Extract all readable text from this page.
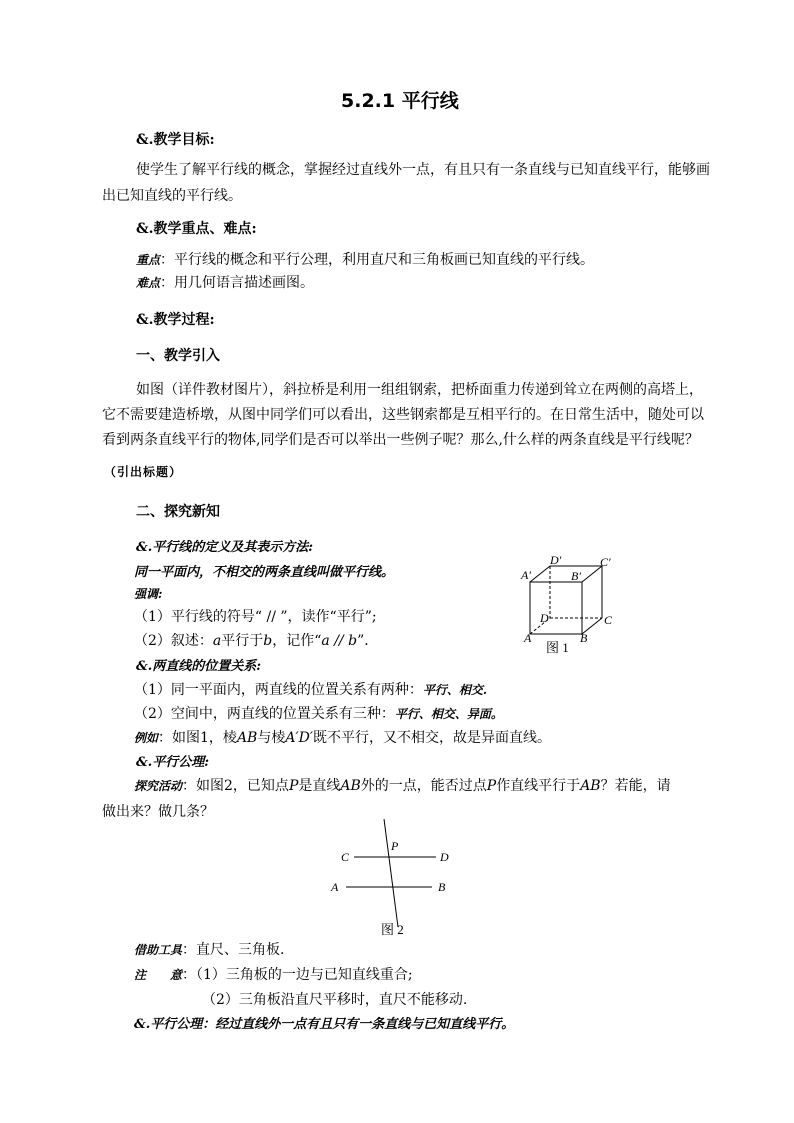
5.2.1 平行线
&.教学目标:
使学生了解平行线的概念，掌握经过直线外一点，有且只有一条直线与已知直线平行，能够画
出已知直线的平行线。
&.教学重点、难点:
重点：平行线的概念和平行公理，利用直尺和三角板画已知直线的平行线。
难点：用几何语言描述画图。
&.教学过程:
一、教学引入
如图（详件教材图片），斜拉桥是利用一组组钢索，把桥面重力传递到耸立在两侧的高塔上，
它不需要建造桥墩，从图中同学们可以看出，这些钢索都是互相平行的。在日常生活中，随处可以
看到两条直线平行的物体,同学们是否可以举出一些例子呢？那么,什么样的两条直线是平行线呢？
（引出标题）
二、探究新知
&.平行线的定义及其表示方法:
同一平面内，不相交的两条直线叫做平行线。
强调:
（1）平行线的符号“ // ”，读作“平行”;
（2）叙述：a平行于b，记作“a // b”．
&.两直线的位置关系:
（1）同一平面内，两直线的位置关系有两种：平行、相交.
（2）空间中，两直线的位置关系有三种：平行、相交、异面。
例如：如图1，棱AB与棱A′D′既不平行，又不相交，故是异面直线。
&.平行公理:
探究活动：如图2，已知点P是直线AB外的一点，能否过点P作直线平行于AB？若能，请
做出来？做几条？
P
C	D
A	B
图 2
借助工具：直尺、三角板.
注　　意：（1）三角板的一边与已知直线重合;
（2）三角板沿直尺平移时，直尺不能移动.
&.平行公理：经过直线外一点有且只有一条直线与已知直线平行。
D′	C′
A′	B′
D	C
A	B
图 1
